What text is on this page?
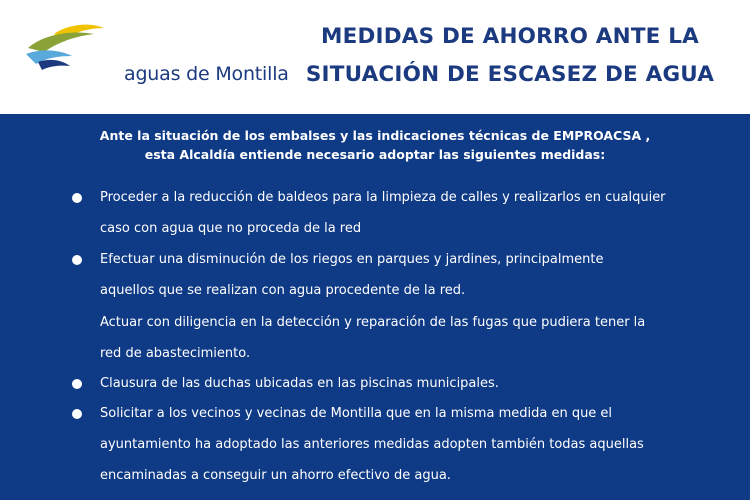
aguas de Montilla
MEDIDAS DE AHORRO ANTE LA
SITUACIÓN DE ESCASEZ DE AGUA
Ante la situación de los embalses y las indicaciones técnicas de EMPROACSA ,
esta Alcaldía entiende necesario adoptar las siguientes medidas:
Proceder a la reducción de baldeos para la limpieza de calles y realizarlos en cualquier
caso con agua que no proceda de la red
Efectuar una disminución de los riegos en parques y jardines, principalmente
aquellos que se realizan con agua procedente de la red.
Actuar con diligencia en la detección y reparación de las fugas que pudiera tener la
red de abastecimiento.
Clausura de las duchas ubicadas en las piscinas municipales.
Solicitar a los vecinos y vecinas de Montilla que en la misma medida en que el
ayuntamiento ha adoptado las anteriores medidas adopten también todas aquellas
encaminadas a conseguir un ahorro efectivo de agua.
